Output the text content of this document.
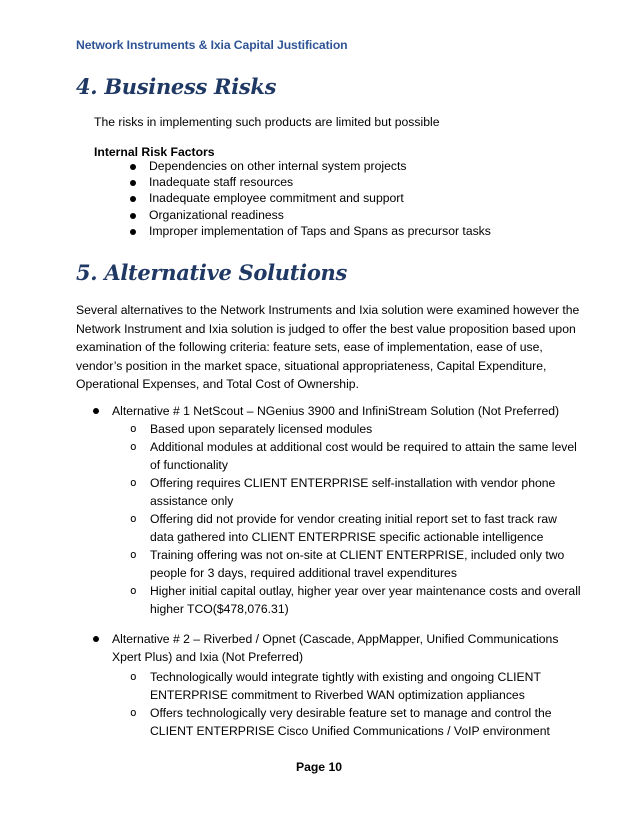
Network Instruments & Ixia Capital Justification
4. Business Risks
The risks in implementing such products are limited but possible
Internal Risk Factors
Dependencies on other internal system projects
Inadequate staff resources
Inadequate employee commitment and support
Organizational readiness
Improper implementation of Taps and Spans as precursor tasks
5. Alternative Solutions
Several alternatives to the Network Instruments and Ixia solution were examined however the
Network Instrument and Ixia solution is judged to offer the best value proposition based upon
examination of the following criteria: feature sets, ease of implementation, ease of use,
vendor’s position in the market space, situational appropriateness, Capital Expenditure,
Operational Expenses, and Total Cost of Ownership.
Alternative # 1 NetScout – NGenius 3900 and InfiniStream Solution (Not Preferred)
o Based upon separately licensed modules
o Additional modules at additional cost would be required to attain the same level
of functionality
o Offering requires CLIENT ENTERPRISE self-installation with vendor phone
assistance only
o Offering did not provide for vendor creating initial report set to fast track raw
data gathered into CLIENT ENTERPRISE specific actionable intelligence
o Training offering was not on-site at CLIENT ENTERPRISE, included only two
people for 3 days, required additional travel expenditures
o Higher initial capital outlay, higher year over year maintenance costs and overall
higher TCO($478,076.31)
Alternative # 2 – Riverbed / Opnet (Cascade, AppMapper, Unified Communications
Xpert Plus) and Ixia (Not Preferred)
o Technologically would integrate tightly with existing and ongoing CLIENT
ENTERPRISE commitment to Riverbed WAN optimization appliances
o Offers technologically very desirable feature set to manage and control the
CLIENT ENTERPRISE Cisco Unified Communications / VoIP environment
Page 10
